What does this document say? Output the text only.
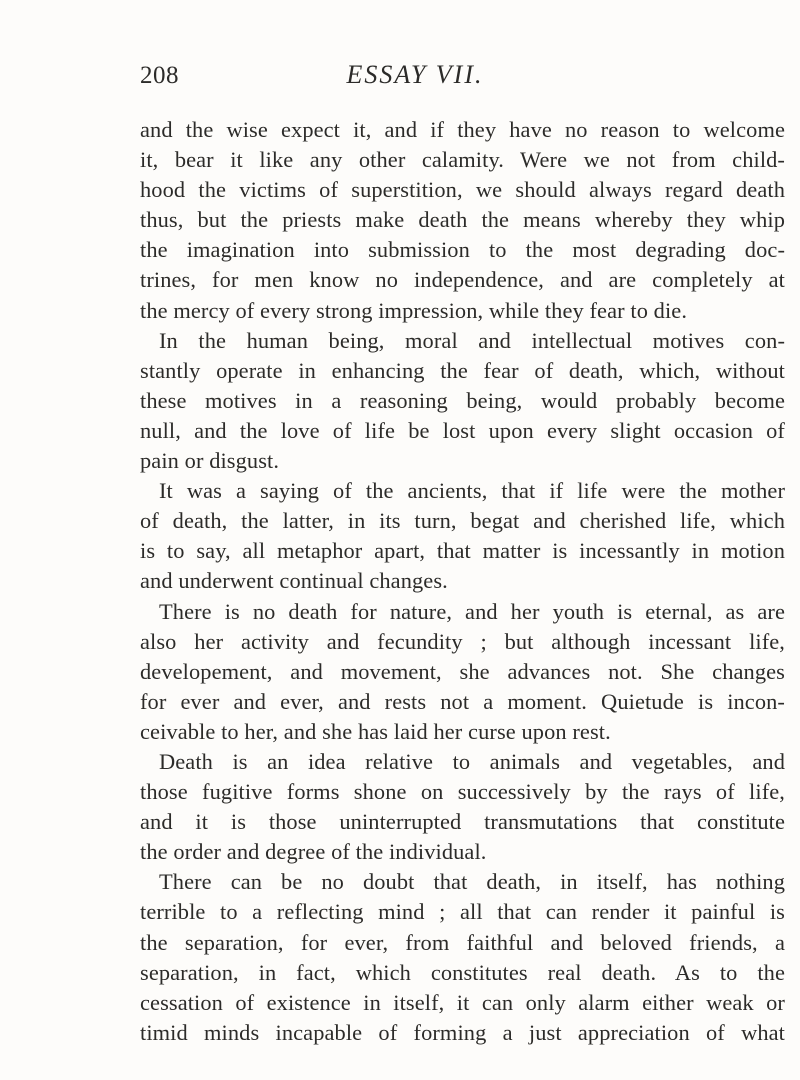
208	ESSAY VII.
and the wise expect it, and if they have no reason to welcome
it, bear it like any other calamity. Were we not from child-
hood the victims of superstition, we should always regard death
thus, but the priests make death the means whereby they whip
the imagination into submission to the most degrading doc-
trines, for men know no independence, and are completely at
the mercy of every strong impression, while they fear to die.
In the human being, moral and intellectual motives con-
stantly operate in enhancing the fear of death, which, without
these motives in a reasoning being, would probably become
null, and the love of life be lost upon every slight occasion of
pain or disgust.
It was a saying of the ancients, that if life were the mother
of death, the latter, in its turn, begat and cherished life, which
is to say, all metaphor apart, that matter is incessantly in motion
and underwent continual changes.
There is no death for nature, and her youth is eternal, as are
also her activity and fecundity ; but although incessant life,
developement, and movement, she advances not. She changes
for ever and ever, and rests not a moment. Quietude is incon-
ceivable to her, and she has laid her curse upon rest.
Death is an idea relative to animals and vegetables, and
those fugitive forms shone on successively by the rays of life,
and it is those uninterrupted transmutations that constitute
the order and degree of the individual.
There can be no doubt that death, in itself, has nothing
terrible to a reflecting mind ; all that can render it painful is
the separation, for ever, from faithful and beloved friends, a
separation, in fact, which constitutes real death. As to the
cessation of existence in itself, it can only alarm either weak or
timid minds incapable of forming a just appreciation of what
